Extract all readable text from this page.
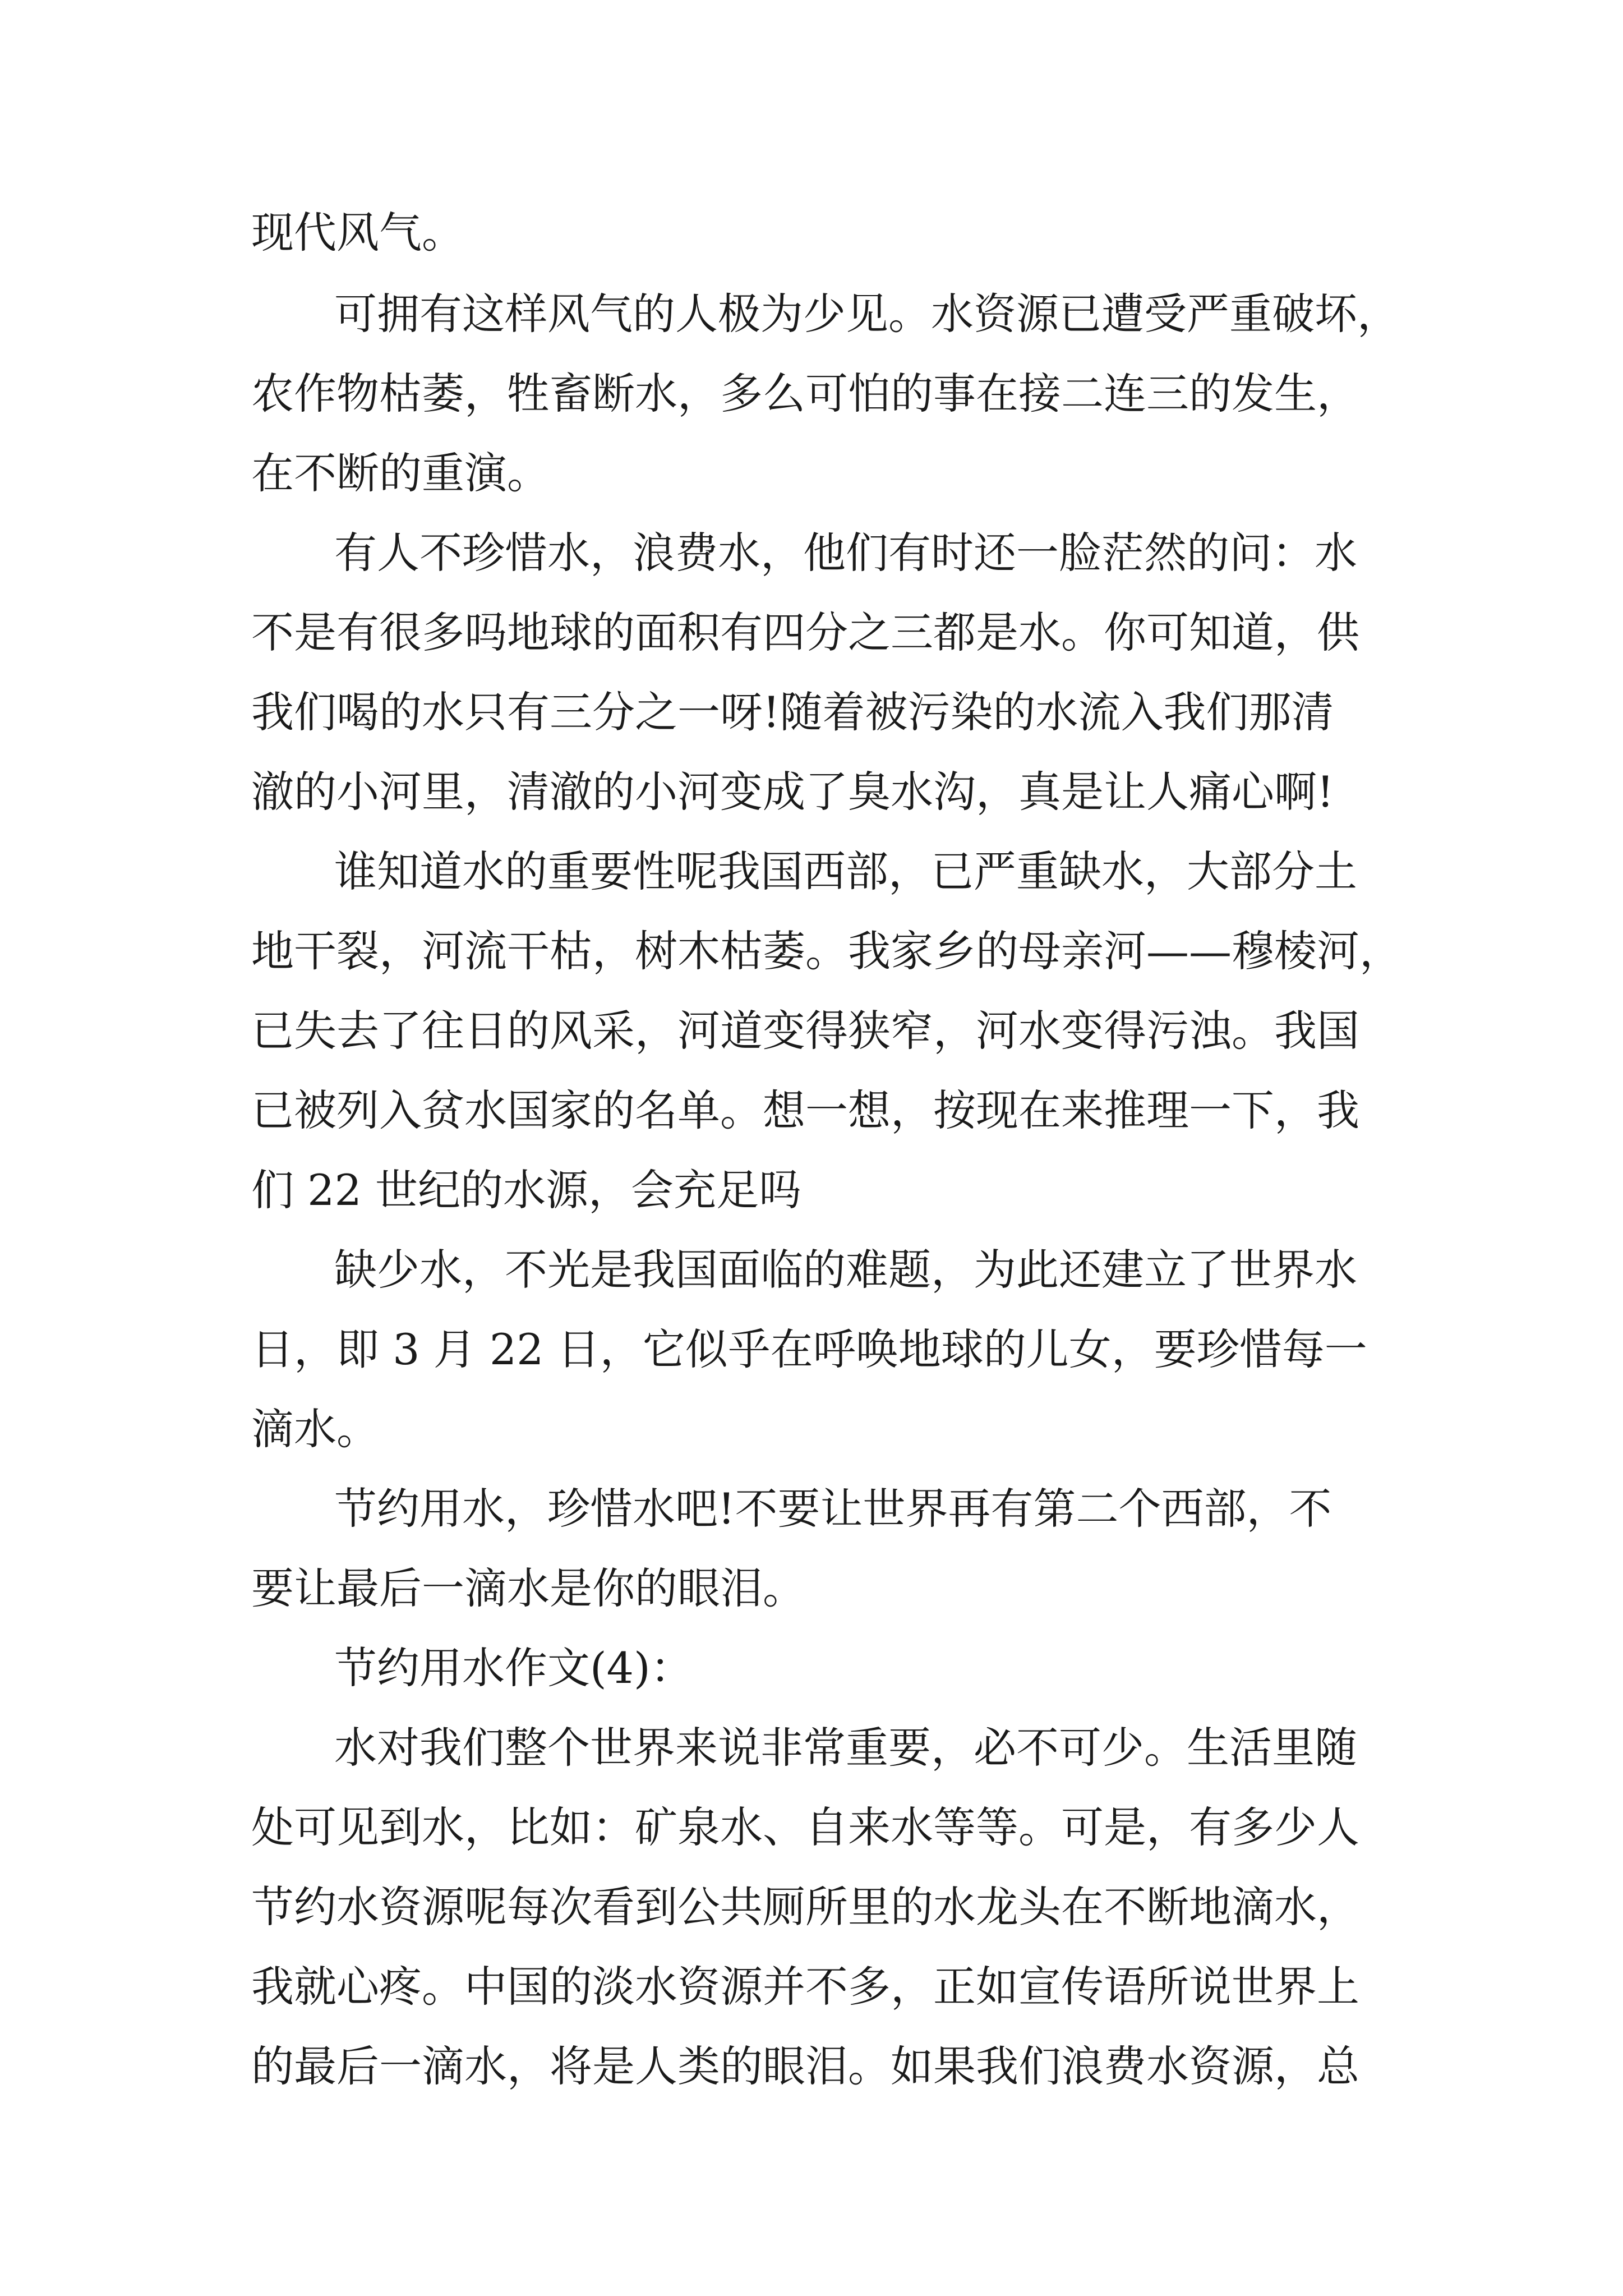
现代风气。

可拥有这样风气的人极为少见。水资源已遭受严重破坏，

农作物枯萎，牲畜断水，多么可怕的事在接二连三的发生，

在不断的重演。

有人不珍惜水，浪费水，他们有时还一脸茫然的问：水

不是有很多吗地球的面积有四分之三都是水。你可知道，供

我们喝的水只有三分之一呀!随着被污染的水流入我们那清

澈的小河里，清澈的小河变成了臭水沟，真是让人痛心啊!

谁知道水的重要性呢我国西部，已严重缺水，大部分土

地干裂，河流干枯，树木枯萎。我家乡的母亲河——穆棱河，

已失去了往日的风采，河道变得狭窄，河水变得污浊。我国

已被列入贫水国家的名单。想一想，按现在来推理一下，我

们 22 世纪的水源，会充足吗

缺少水，不光是我国面临的难题，为此还建立了世界水

日，即 3 月 22 日，它似乎在呼唤地球的儿女，要珍惜每一

滴水。

节约用水，珍惜水吧!不要让世界再有第二个西部，不

要让最后一滴水是你的眼泪。

节约用水作文(4)：

水对我们整个世界来说非常重要，必不可少。生活里随

处可见到水，比如：矿泉水、自来水等等。可是，有多少人

节约水资源呢每次看到公共厕所里的水龙头在不断地滴水，

我就心疼。中国的淡水资源并不多，正如宣传语所说世界上

的最后一滴水，将是人类的眼泪。如果我们浪费水资源，总
